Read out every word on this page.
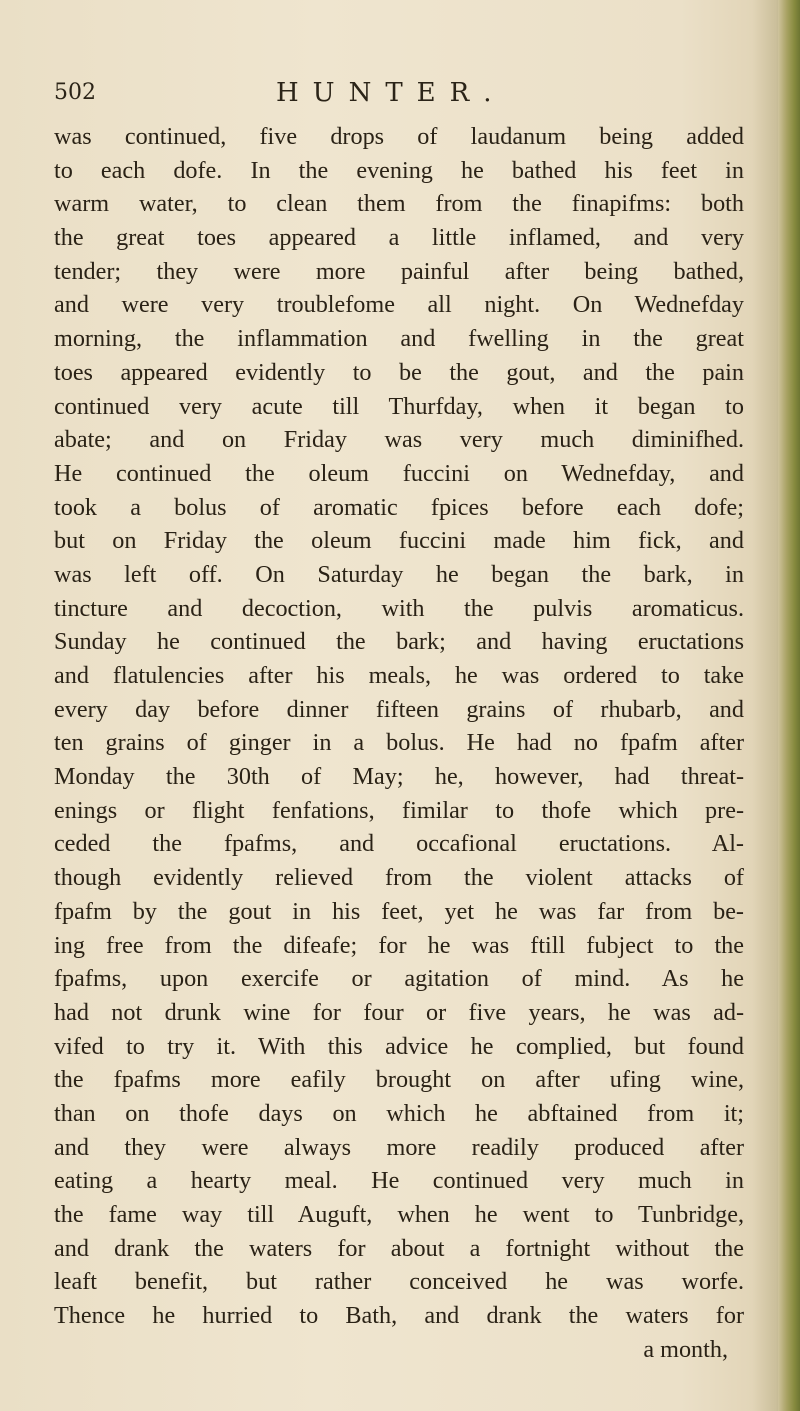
502	HUNTER.
was continued, five drops of laudanum being added
to each dofe. In the evening he bathed his feet in
warm water, to clean them from the finapifms: both
the great toes appeared a little inflamed, and very
tender; they were more painful after being bathed,
and were very troublefome all night. On Wednefday
morning, the inflammation and fwelling in the great
toes appeared evidently to be the gout, and the pain
continued very acute till Thurfday, when it began to
abate; and on Friday was very much diminifhed.
He continued the oleum fuccini on Wednefday, and
took a bolus of aromatic fpices before each dofe;
but on Friday the oleum fuccini made him fick, and
was left off. On Saturday he began the bark, in
tincture and decoction, with the pulvis aromaticus.
Sunday he continued the bark; and having eructations
and flatulencies after his meals, he was ordered to take
every day before dinner fifteen grains of rhubarb, and
ten grains of ginger in a bolus. He had no fpafm after
Monday the 30th of May; he, however, had threat-
enings or flight fenfations, fimilar to thofe which pre-
ceded the fpafms, and occafional eructations. Al-
though evidently relieved from the violent attacks of
fpafm by the gout in his feet, yet he was far from be-
ing free from the difeafe; for he was ftill fubject to the
fpafms, upon exercife or agitation of mind. As he
had not drunk wine for four or five years, he was ad-
vifed to try it. With this advice he complied, but found
the fpafms more eafily brought on after ufing wine,
than on thofe days on which he abftained from it;
and they were always more readily produced after
eating a hearty meal. He continued very much in
the fame way till Auguft, when he went to Tunbridge,
and drank the waters for about a fortnight without the
leaft benefit, but rather conceived he was worfe.
Thence he hurried to Bath, and drank the waters for
a month,
